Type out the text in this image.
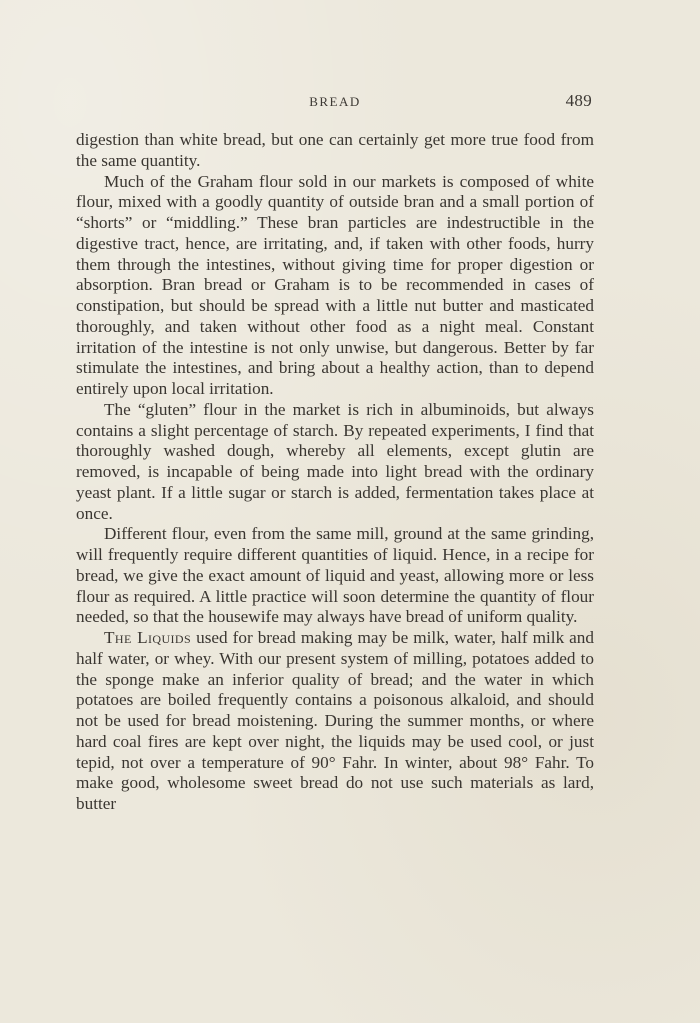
BREAD	489

digestion than white bread, but one can certainly get more true food from the same quantity.

Much of the Graham flour sold in our markets is composed of white flour, mixed with a goodly quantity of outside bran and a small portion of “shorts” or “middling.” These bran particles are indestructible in the digestive tract, hence, are irritating, and, if taken with other foods, hurry them through the intestines, without giving time for proper digestion or absorption. Bran bread or Graham is to be recommended in cases of constipation, but should be spread with a little nut butter and masticated thoroughly, and taken without other food as a night meal. Constant irritation of the intestine is not only unwise, but dangerous. Better by far stimulate the intestines, and bring about a healthy action, than to depend entirely upon local irritation.

The “gluten” flour in the market is rich in albuminoids, but always contains a slight percentage of starch. By repeated experiments, I find that thoroughly washed dough, whereby all elements, except glutin are removed, is incapable of being made into light bread with the ordinary yeast plant. If a little sugar or starch is added, fermentation takes place at once.

Different flour, even from the same mill, ground at the same grinding, will frequently require different quantities of liquid. Hence, in a recipe for bread, we give the exact amount of liquid and yeast, allowing more or less flour as required. A little practice will soon determine the quantity of flour needed, so that the housewife may always have bread of uniform quality.

The Liquids used for bread making may be milk, water, half milk and half water, or whey. With our present system of milling, potatoes added to the sponge make an inferior quality of bread; and the water in which potatoes are boiled frequently contains a poisonous alkaloid, and should not be used for bread moistening. During the summer months, or where hard coal fires are kept over night, the liquids may be used cool, or just tepid, not over a temperature of 90° Fahr. In winter, about 98° Fahr. To make good, wholesome sweet bread do not use such materials as lard, butter
